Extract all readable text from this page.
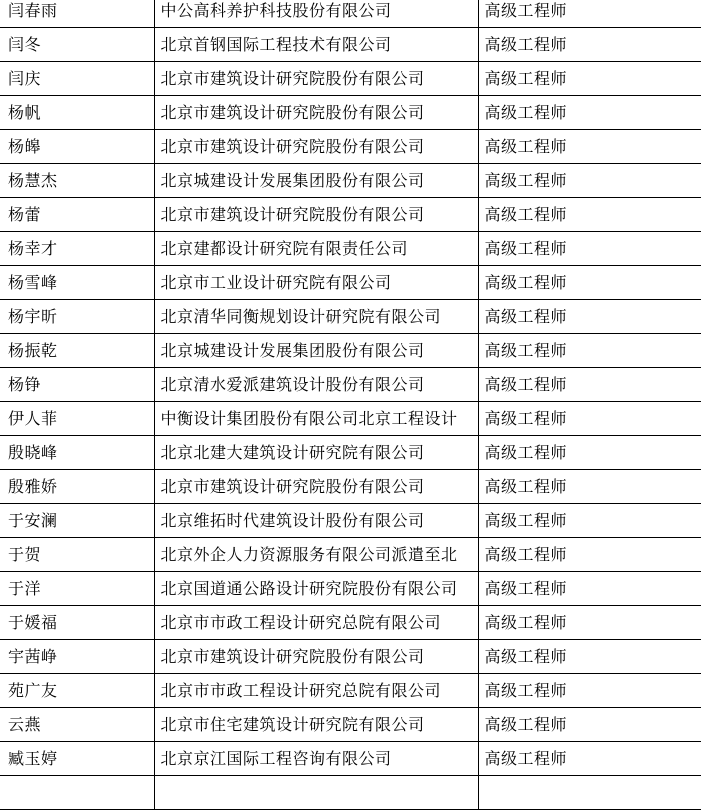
闫春雨	中公高科养护科技股份有限公司	高级工程师
闫冬	北京首钢国际工程技术有限公司	高级工程师
闫庆	北京市建筑设计研究院股份有限公司	高级工程师
杨帆	北京市建筑设计研究院股份有限公司	高级工程师
杨皞	北京市建筑设计研究院股份有限公司	高级工程师
杨慧杰	北京城建设计发展集团股份有限公司	高级工程师
杨蕾	北京市建筑设计研究院股份有限公司	高级工程师
杨幸才	北京建都设计研究院有限责任公司	高级工程师
杨雪峰	北京市工业设计研究院有限公司	高级工程师
杨宇昕	北京清华同衡规划设计研究院有限公司	高级工程师
杨振乾	北京城建设计发展集团股份有限公司	高级工程师
杨铮	北京清水爱派建筑设计股份有限公司	高级工程师
伊人菲	中衡设计集团股份有限公司北京工程设计	高级工程师
殷晓峰	北京北建大建筑设计研究院有限公司	高级工程师
殷雅娇	北京市建筑设计研究院股份有限公司	高级工程师
于安澜	北京维拓时代建筑设计股份有限公司	高级工程师
于贺	北京外企人力资源服务有限公司派遣至北	高级工程师
于洋	北京国道通公路设计研究院股份有限公司	高级工程师
于媛福	北京市市政工程设计研究总院有限公司	高级工程师
宇茜峥	北京市建筑设计研究院股份有限公司	高级工程师
苑广友	北京市市政工程设计研究总院有限公司	高级工程师
云燕	北京市住宅建筑设计研究院有限公司	高级工程师
臧玉婷	北京京江国际工程咨询有限公司	高级工程师
